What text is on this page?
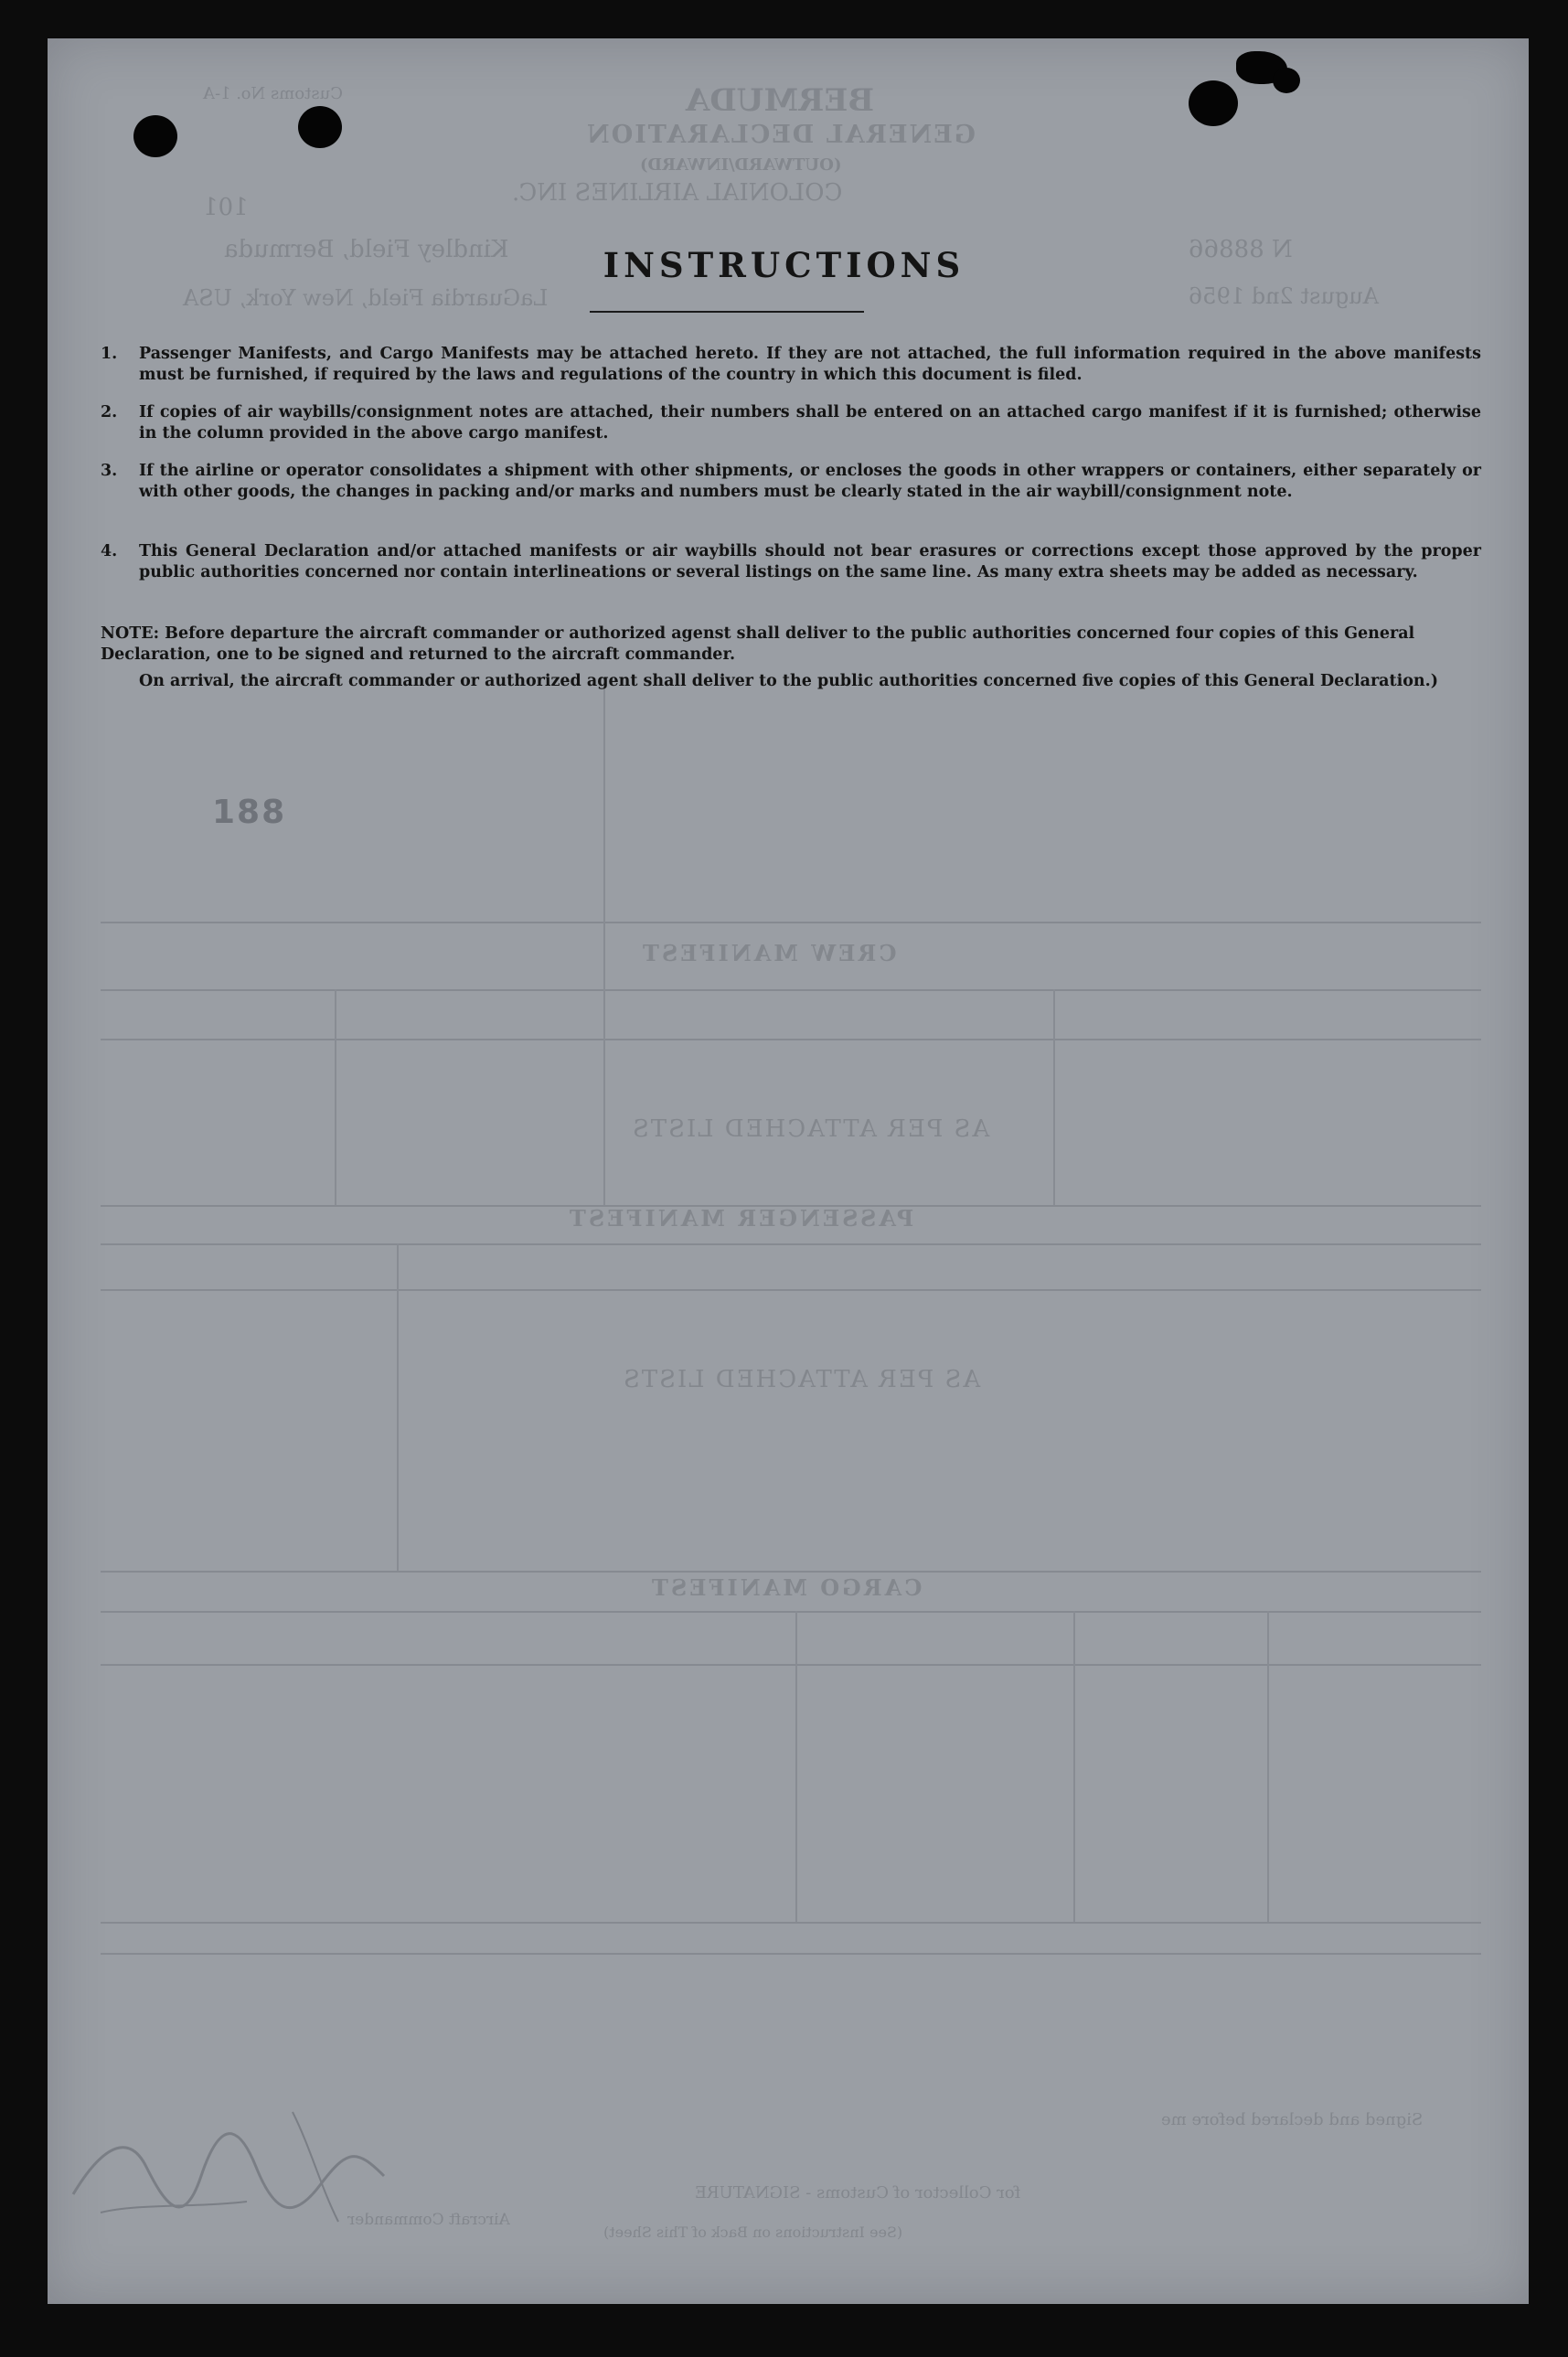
Customs No. 1-A	BERMUDA
GENERAL DECLARATION
(OUTWARD/INWARD)
COLONIAL AIRLINES INC.
101
Kindley Field, Bermuda	N 88866
August 2nd 1956
LaGuardia Field, New York, USA
CREW MANIFEST
AS PER ATTACHED LISTS
PASSENGER MANIFEST
AS PER ATTACHED LISTS
CARGO MANIFEST
Signed and declared before me
Aircraft Commander
for Collector of Customs - SIGNATURE
(See Instructions on Back of This Sheet)
188
INSTRUCTIONS
1. Passenger Manifests, and Cargo Manifests may be attached hereto. If they are not attached, the full information required in the above manifests must be furnished, if required by the laws and regulations of the country in which this document is filed.
2. If copies of air waybills/consignment notes are attached, their numbers shall be entered on an attached cargo manifest if it is furnished; otherwise in the column provided in the above cargo manifest.
3. If the airline or operator consolidates a shipment with other shipments, or encloses the goods in other wrappers or containers, either separately or with other goods, the changes in packing and/or marks and numbers must be clearly stated in the air waybill/consignment note.
4. This General Declaration and/or attached manifests or air waybills should not bear erasures or corrections except those approved by the proper public authorities concerned nor contain interlineations or several listings on the same line. As many extra sheets may be added as necessary.
NOTE: Before departure the aircraft commander or authorized agenst shall deliver to the public authorities concerned four copies of this General Declaration, one to be signed and returned to the aircraft commander.
On arrival, the aircraft commander or authorized agent shall deliver to the public authorities concerned five copies of this General Declaration.)
